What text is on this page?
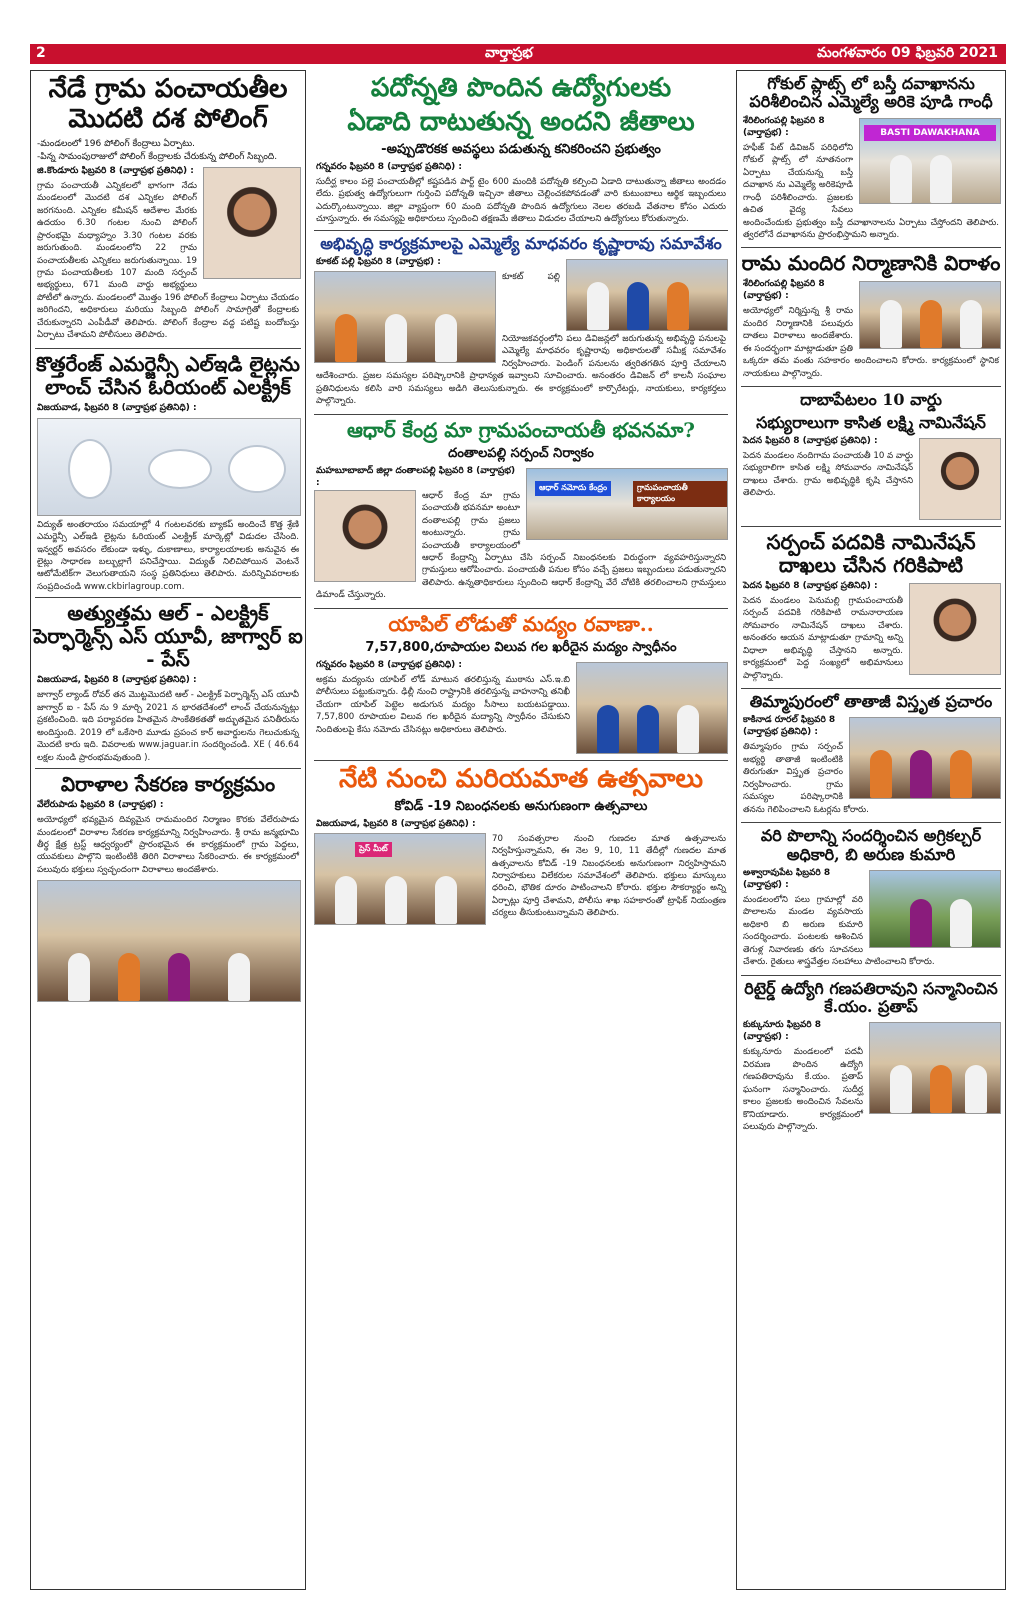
2	వార్తాప్రభ	మంగళవారం 09 ఫిబ్రవరి 2021
నేడే గ్రామ పంచాయతీల మొదటి దశ పోలింగ్
-మండలంలో 196 పోలింగ్ కేంద్రాలు ఏర్పాటు.
-పిన్న సామంపురాజులో పోలింగ్ కేంద్రాలకు చేరుకున్న పోలింగ్ సిబ్బంది.
జి.కొండూరు ఫిబ్రవరి 8 (వార్తాప్రభ ప్రతినిధి) :
గ్రామ పంచాయతీ ఎన్నికలలో భాగంగా నేడు మండలంలో మొదటి దశ ఎన్నికల పోలింగ్ జరగనుంది. ఎన్నికల కమీషన్ ఆదేశాల మేరకు ఉదయం 6.30 గంటల నుంచి పోలింగ్ ప్రారంభమై మధ్యాహ్నం 3.30 గంటల వరకు జరుగుతుంది. మండలంలోని 22 గ్రామ పంచాయతీలకు ఎన్నికలు జరుగుతున్నాయి. 19 గ్రామ పంచాయతీలకు 107 మంది సర్పంచ్ అభ్యర్థులు, 671 మంది వార్డు అభ్యర్థులు పోటీలో ఉన్నారు. మండలంలో మొత్తం 196 పోలింగ్ కేంద్రాలు ఏర్పాటు చేయడం జరిగిందని, అధికారులు మరియు సిబ్బంది పోలింగ్ సామాగ్రితో కేంద్రాలకు చేరుకున్నారని ఎంపీడీవో తెలిపారు. పోలింగ్ కేంద్రాల వద్ద పటిష్ట బందోబస్తు ఏర్పాటు చేశామని పోలీసులు తెలిపారు.
కొత్తరేంజ్ ఎమర్జెన్సీ ఎల్ఇడి లైట్లను లాంచ్ చేసిన ఓరియంట్ ఎలక్ట్రిక్
విజయవాడ, ఫిబ్రవరి 8 (వార్తాప్రభ ప్రతినిధి) :
విద్యుత్ అంతరాయం సమయాల్లో 4 గంటలవరకు బ్యాకప్ అందించే కొత్త శ్రేణి ఎమర్జెన్సీ ఎల్ఇడి లైట్లను ఓరియంట్ ఎలక్ట్రిక్ మార్కెట్లో విడుదల చేసింది. ఇన్వర్టర్ అవసరం లేకుండా ఇళ్ళు, దుకాణాలు, కార్యాలయాలకు అనువైన ఈ లైట్లు సాధారణ బల్బుల్లాగే పనిచేస్తాయి. విద్యుత్ నిలిచిపోయిన వెంటనే ఆటోమేటిక్‌గా వెలుగుతాయని సంస్థ ప్రతినిధులు తెలిపారు. మరిన్నివివరాలకు సంప్రదించండి www.ckbirlagroup.com.
అత్యుత్తమ ఆల్ - ఎలక్ట్రిక్ పెర్ఫార్మెన్స్ ఎస్ యూవీ, జాగ్వార్ ఐ - పేస్
విజయవాడ, ఫిబ్రవరి 8 (వార్తాప్రభ ప్రతినిధి) :
జాగ్వార్ ల్యాండ్ రోవర్ తన మొట్టమొదటి ఆల్ - ఎలక్ట్రిక్ పెర్ఫార్మెన్స్ ఎస్ యూవీ జాగ్వార్ ఐ - పేస్ ను 9 మార్చి 2021 న భారతదేశంలో లాంచ్ చేయనున్నట్లు ప్రకటించింది. ఇది పర్యావరణ హితమైన సాంకేతికతతో అద్భుతమైన పనితీరును అందిస్తుంది. 2019 లో ఒకేసారి మూడు ప్రపంచ కార్ అవార్డులను గెలుచుకున్న మొదటి కారు ఇది. వివరాలకు www.jaguar.in సందర్శించండి. XE ( 46.64 లక్షల నుండి ప్రారంభమవుతుంది ).
విరాళాల సేకరణ కార్యక్రమం
వేలేరుపాడు ఫిబ్రవరి 8 (వార్తాప్రభ) :
అయోధ్యలో భవ్యమైన దివ్యమైన రామమందిర నిర్మాణం కొరకు వేలేరుపాడు మండలంలో విరాళాల సేకరణ కార్యక్రమాన్ని నిర్వహించారు. శ్రీ రామ జన్మభూమి తీర్థ క్షేత్ర ట్రస్ట్ ఆధ్వర్యంలో ప్రారంభమైన ఈ కార్యక్రమంలో గ్రామ పెద్దలు, యువకులు పాల్గొని ఇంటింటికి తిరిగి విరాళాలు సేకరించారు. ఈ కార్యక్రమంలో పలువురు భక్తులు స్వచ్ఛందంగా విరాళాలు అందజేశారు.
పదోన్నతి పొందిన ఉద్యోగులకు
ఏడాది దాటుతున్న అందని జీతాలు
-అప్పుడొరకక అవస్థలు పడుతున్న కనికరించని ప్రభుత్వం
గన్నవరం ఫిబ్రవరి 8 (వార్తాప్రభ ప్రతినిధి) :
సుదీర్ఘ కాలం పల్లె పంచాయతీల్లో కష్టపడిన పార్ట్ టైం 600 మందికి పదోన్నతి కల్పించి ఏడాది దాటుతున్నా జీతాలు అందడం లేదు. ప్రభుత్వ ఉద్యోగులుగా గుర్తించి పదోన్నతి ఇచ్చినా జీతాలు చెల్లించకపోవడంతో వారి కుటుంబాలు ఆర్థిక ఇబ్బందులు ఎదుర్కొంటున్నాయి. జిల్లా వ్యాప్తంగా 60 మంది పదోన్నతి పొందిన ఉద్యోగులు నెలల తరబడి వేతనాల కోసం ఎదురు చూస్తున్నారు. ఈ సమస్యపై అధికారులు స్పందించి తక్షణమే జీతాలు విడుదల చేయాలని ఉద్యోగులు కోరుతున్నారు.
అభివృద్ధి కార్యక్రమాలపై ఎమ్మెల్యే మాధవరం కృష్ణారావు సమావేశం
కూకట్ పల్లి ఫిబ్రవరి 8 (వార్తాప్రభ) :
కూకట్ పల్లి నియోజకవర్గంలోని పలు డివిజన్లలో జరుగుతున్న అభివృద్ధి పనులపై ఎమ్మెల్యే మాధవరం కృష్ణారావు అధికారులతో సమీక్ష సమావేశం నిర్వహించారు. పెండింగ్ పనులను త్వరితగతిన పూర్తి చేయాలని ఆదేశించారు. ప్రజల సమస్యల పరిష్కారానికి ప్రాధాన్యత ఇవ్వాలని సూచించారు. అనంతరం డివిజన్ లో కాలనీ సంఘాల ప్రతినిధులను కలిసి వారి సమస్యలు అడిగి తెలుసుకున్నారు. ఈ కార్యక్రమంలో కార్పొరేటర్లు, నాయకులు, కార్యకర్తలు పాల్గొన్నారు.
ఆధార్ కేంద్ర మా గ్రామపంచాయతీ భవనమా?
దంతాలపల్లి సర్పంచ్ నిర్వాకం
ఆధార్ నమోదు కేంద్రం	గ్రామపంచాయతీ కార్యాలయం
మహబూబాబాద్ జిల్లా దంతాలపల్లి ఫిబ్రవరి 8 (వార్తాప్రభ) :
ఆధార్ కేంద్ర మా గ్రామ పంచాయతీ భవనమా అంటూ దంతాలపల్లి గ్రామ ప్రజలు అంటున్నారు. గ్రామ పంచాయతీ కార్యాలయంలో ఆధార్ కేంద్రాన్ని ఏర్పాటు చేసి సర్పంచ్ నిబంధనలకు విరుద్ధంగా వ్యవహరిస్తున్నారని గ్రామస్తులు ఆరోపించారు. పంచాయతీ పనుల కోసం వచ్చే ప్రజలు ఇబ్బందులు పడుతున్నారని తెలిపారు. ఉన్నతాధికారులు స్పందించి ఆధార్ కేంద్రాన్ని వేరే చోటికి తరలించాలని గ్రామస్తులు డిమాండ్ చేస్తున్నారు.
యాపిల్ లోడుతో మద్యం రవాణా..
7,57,800,రూపాయల విలువ గల ఖరీదైన మద్యం స్వాధీనం
గన్నవరం ఫిబ్రవరి 8 (వార్తాప్రభ ప్రతినిధి) :
అక్రమ మద్యంను యాపిల్ లోడ్ మాటున తరలిస్తున్న ముఠాను ఎస్.ఇ.బి పోలీసులు పట్టుకున్నారు. ఢిల్లీ నుంచి రాష్ట్రానికి తరలిస్తున్న వాహనాన్ని తనిఖీ చేయగా యాపిల్ పెట్టెల అడుగున మద్యం సీసాలు బయటపడ్డాయి. 7,57,800 రూపాయల విలువ గల ఖరీదైన మద్యాన్ని స్వాధీనం చేసుకుని నిందితులపై కేసు నమోదు చేసినట్లు అధికారులు తెలిపారు.
నేటి నుంచి మరియమాత ఉత్సవాలు
కోవిడ్ -19 నిబంధనలకు అనుగుణంగా ఉత్సవాలు
విజయవాడ, ఫిబ్రవరి 8 (వార్తాప్రభ ప్రతినిధి) :
ప్రెస్ మీట్
70 సంవత్సరాల నుంచి గుణదల మాత ఉత్సవాలను నిర్వహిస్తున్నామని, ఈ నెల 9, 10, 11 తేదీల్లో గుణదల మాత ఉత్సవాలను కోవిడ్ -19 నిబంధనలకు అనుగుణంగా నిర్వహిస్తామని నిర్వాహకులు విలేకరుల సమావేశంలో తెలిపారు. భక్తులు మాస్కులు ధరించి, భౌతిక దూరం పాటించాలని కోరారు. భక్తుల సౌకర్యార్థం అన్ని ఏర్పాట్లు పూర్తి చేశామని, పోలీసు శాఖ సహకారంతో ట్రాఫిక్ నియంత్రణ చర్యలు తీసుకుంటున్నామని తెలిపారు.
గోకుల్ ప్లాట్స్ లో బస్తీ దవాఖానను పరిశీలించిన ఎమ్మెల్యే అరికె పూడి గాంధీ
BASTI DAWAKHANA
శేరిలింగంపల్లి ఫిబ్రవరి 8 (వార్తాప్రభ) :
హఫీజ్ పేట్ డివిజన్ పరిధిలోని గోకుల్ ప్లాట్స్ లో నూతనంగా ఏర్పాటు చేయనున్న బస్తీ దవాఖాన ను ఎమ్మెల్యే అరికెపూడి గాంధీ పరిశీలించారు. ప్రజలకు ఉచిత వైద్య సేవలు అందించేందుకు ప్రభుత్వం బస్తీ దవాఖానాలను ఏర్పాటు చేస్తోందని తెలిపారు. త్వరలోనే దవాఖానను ప్రారంభిస్తామని అన్నారు.
రామ మందిర నిర్మాణానికి విరాళం
శేరిలింగంపల్లి ఫిబ్రవరి 8 (వార్తాప్రభ) :
అయోధ్యలో నిర్మిస్తున్న శ్రీ రామ మందిర నిర్మాణానికి పలువురు దాతలు విరాళాలు అందజేశారు. ఈ సందర్భంగా మాట్లాడుతూ ప్రతి ఒక్కరూ తమ వంతు సహకారం అందించాలని కోరారు. కార్యక్రమంలో స్థానిక నాయకులు పాల్గొన్నారు.
దాబాపేటలం 10 వార్డు
సభ్యురాలుగా కాసిత లక్ష్మి నామినేషన్
పెదన ఫిబ్రవరి 8 (వార్తాప్రభ ప్రతినిధి) :
పెదన మండలం నందిగామ పంచాయతీ 10 వ వార్డు సభ్యురాలిగా కాసిత లక్ష్మి సోమవారం నామినేషన్ దాఖలు చేశారు. గ్రామ అభివృద్ధికి కృషి చేస్తానని తెలిపారు.
సర్పంచ్ పదవికి నామినేషన్ దాఖలు చేసిన గరికిపాటి
పెదన ఫిబ్రవరి 8 (వార్తాప్రభ ప్రతినిధి) :
పెదన మండలం పెనుమల్లి గ్రామపంచాయతీ సర్పంచ్ పదవికి గరికిపాటి రామనారాయణ సోమవారం నామినేషన్ దాఖలు చేశారు. అనంతరం ఆయన మాట్లాడుతూ గ్రామాన్ని అన్ని విధాలా అభివృద్ధి చేస్తానని అన్నారు. కార్యక్రమంలో పెద్ద సంఖ్యలో అభిమానులు పాల్గొన్నారు.
తిమ్మాపురంలో తాతాజీ విస్తృత ప్రచారం
కాకినాడ రూరల్ ఫిబ్రవరి 8 (వార్తాప్రభ ప్రతినిధి) :
తిమ్మాపురం గ్రామ సర్పంచ్ అభ్యర్థి తాతాజీ ఇంటింటికి తిరుగుతూ విస్తృత ప్రచారం నిర్వహించారు. గ్రామ సమస్యల పరిష్కారానికి తనను గెలిపించాలని ఓటర్లను కోరారు.
వరి పొలాన్ని సందర్శించిన అగ్రికల్చర్ అధికారి, బి అరుణ కుమారి
అశ్వారావుపేట ఫిబ్రవరి 8 (వార్తాప్రభ) :
మండలంలోని పలు గ్రామాల్లో వరి పొలాలను మండల వ్యవసాయ అధికారి బి అరుణ కుమారి సందర్శించారు. పంటలకు ఆశించిన తెగుళ్ల నివారణకు తగు సూచనలు చేశారు. రైతులు శాస్త్రవేత్తల సలహాలు పాటించాలని కోరారు.
రిటైర్డ్ ఉద్యోగి గణపతిరావుని సన్మానించిన కే.యం. ప్రతాప్
కుక్కునూరు ఫిబ్రవరి 8 (వార్తాప్రభ) :
కుక్కునూరు మండలంలో పదవీ విరమణ పొందిన ఉద్యోగి గణపతిరావును కే.యం. ప్రతాప్ ఘనంగా సన్మానించారు. సుదీర్ఘ కాలం ప్రజలకు అందించిన సేవలను కొనియాడారు. కార్యక్రమంలో పలువురు పాల్గొన్నారు.
